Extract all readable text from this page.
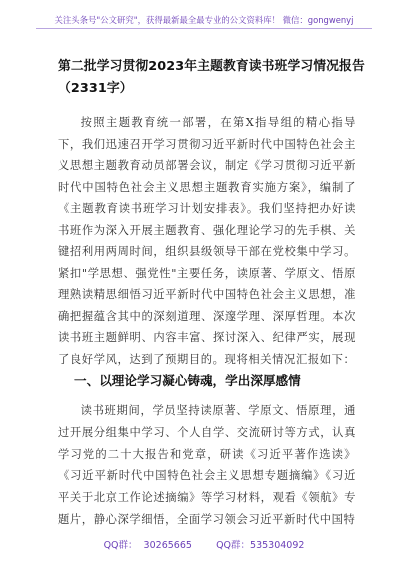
关注头条号"公文研究"，获得最新最全最专业的公文资料库！ 微信：gongwenyj
第二批学习贯彻2023年主题教育读书班学习情况报告（2331字）
按照主题教育统一部署，在第X指导组的精心指导下，我们迅速召开学习贯彻习近平新时代中国特色社会主义思想主题教育动员部署会议，制定《学习贯彻习近平新时代中国特色社会主义思想主题教育实施方案》，编制了《主题教育读书班学习计划安排表》。我们坚持把办好读书班作为深入开展主题教育、强化理论学习的先手棋、关键招利用两周时间，组织县级领导干部在党校集中学习。紧扣"学思想、强党性"主要任务，读原著、学原文、悟原理熟读精思细悟习近平新时代中国特色社会主义思想，准确把握蕴含其中的深刻道理、深邃学理、深厚哲理。本次读书班主题鲜明、内容丰富、探讨深入、纪律严实，展现了良好学风，达到了预期目的。现将相关情况汇报如下：
一、以理论学习凝心铸魂，学出深厚感情
读书班期间，学员坚持读原著、学原文、悟原理，通过开展分组集中学习、个人自学、交流研讨等方式，认真学习党的二十大报告和党章，研读《习近平著作选读》《习近平新时代中国特色社会主义思想专题摘编》《习近平关于北京工作论述摘编》等学习材料，观看《领航》专题片，静心深学细悟，全面学习领会习近平新时代中国特
QQ群：  30265665        QQ群：535304092
